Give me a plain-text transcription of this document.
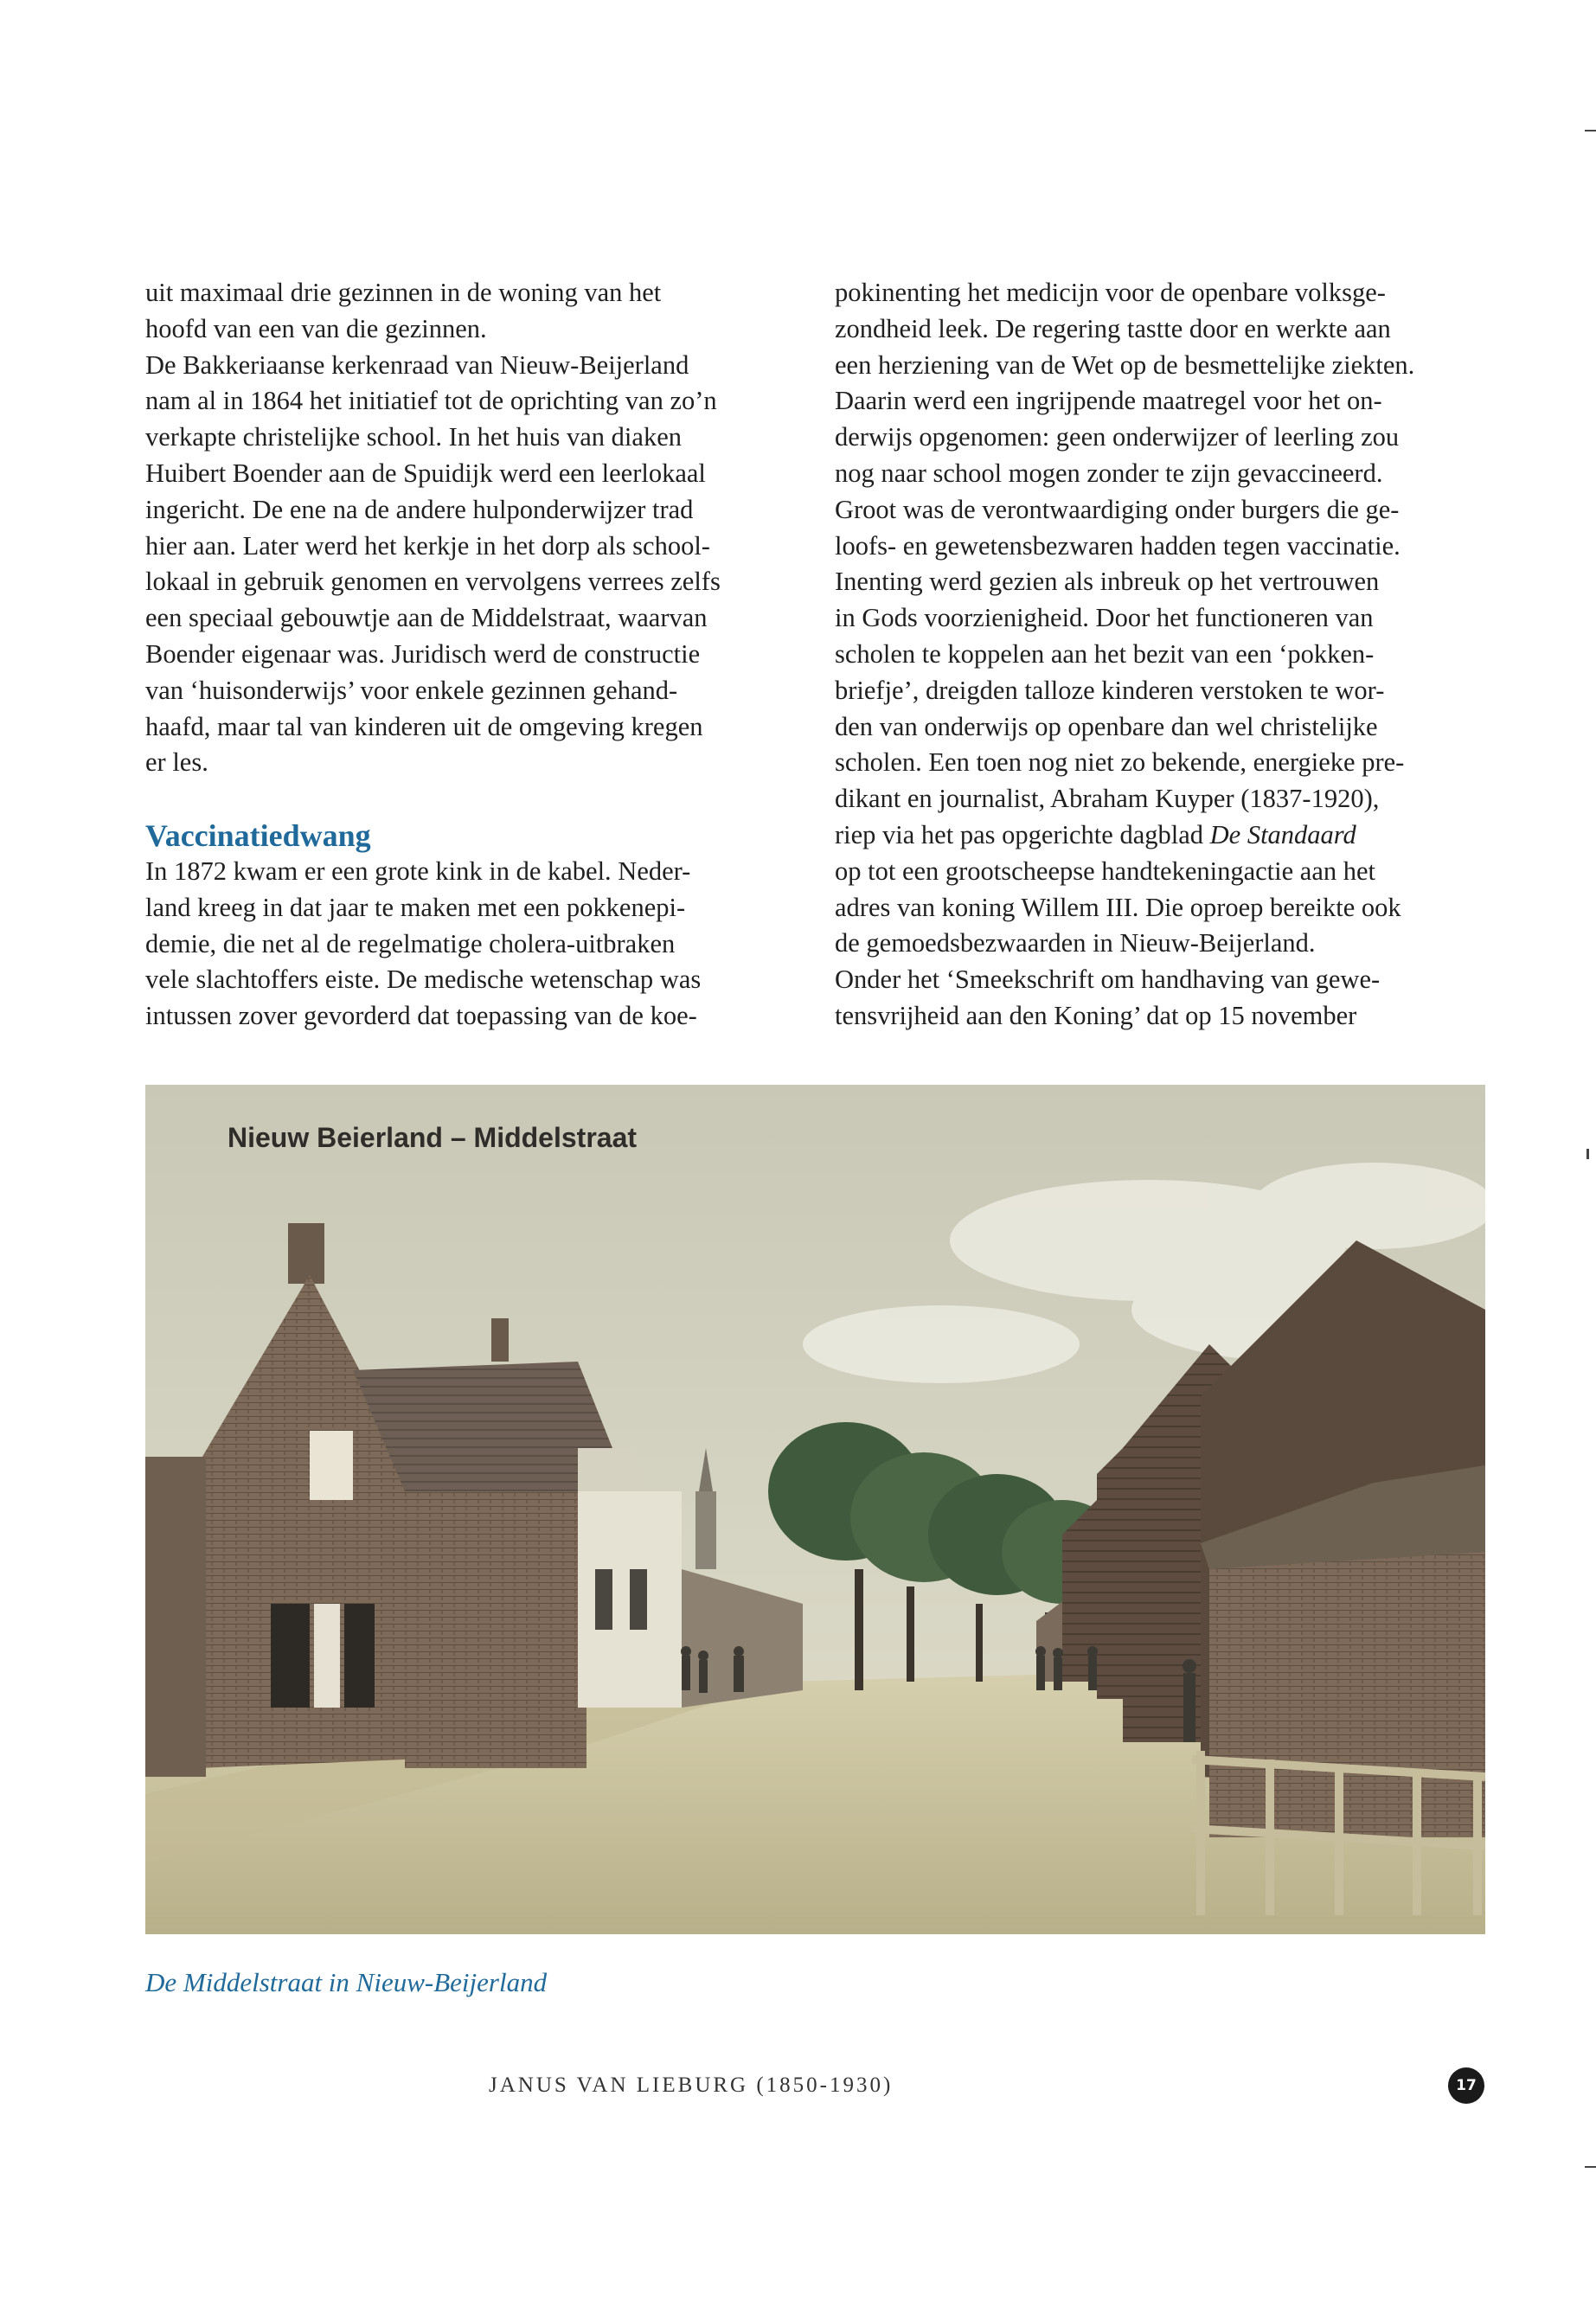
uit maximaal drie gezinnen in de woning van het

hoofd van een van die gezinnen.

De Bakkeriaanse kerkenraad van Nieuw-Beijerland

nam al in 1864 het initiatief tot de oprichting van zo’n

verkapte christelijke school. In het huis van diaken

Huibert Boender aan de Spuidijk werd een leerlokaal

ingericht. De ene na de andere hulponderwijzer trad

hier aan. Later werd het kerkje in het dorp als school-

lokaal in gebruik genomen en vervolgens verrees zelfs

een speciaal gebouwtje aan de Middelstraat, waarvan

Boender eigenaar was. Juridisch werd de constructie

van ‘huisonderwijs’ voor enkele gezinnen gehand-

haafd, maar tal van kinderen uit de omgeving kregen

er les.

Vaccinatiedwang

In 1872 kwam er een grote kink in de kabel. Neder-

land kreeg in dat jaar te maken met een pokkenepi-

demie, die net al de regelmatige cholera-uitbraken

vele slachtoffers eiste. De medische wetenschap was

intussen zover gevorderd dat toepassing van de koe-

pokinenting het medicijn voor de openbare volksge-

zondheid leek. De regering tastte door en werkte aan

een herziening van de Wet op de besmettelijke ziekten.

Daarin werd een ingrijpende maatregel voor het on-

derwijs opgenomen: geen onderwijzer of leerling zou

nog naar school mogen zonder te zijn gevaccineerd.

Groot was de verontwaardiging onder burgers die ge-

loofs- en gewetensbezwaren hadden tegen vaccinatie.

Inenting werd gezien als inbreuk op het vertrouwen

in Gods voorzienigheid. Door het functioneren van

scholen te koppelen aan het bezit van een ‘pokken-

briefje’, dreigden talloze kinderen verstoken te wor-

den van onderwijs op openbare dan wel christelijke

scholen. Een toen nog niet zo bekende, energieke pre-

dikant en journalist, Abraham Kuyper (1837-1920),

riep via het pas opgerichte dagblad De Standaard

op tot een grootscheepse handtekeningactie aan het

adres van koning Willem III. Die oproep bereikte ook

de gemoedsbezwaarden in Nieuw-Beijerland.

Onder het ‘Smeekschrift om handhaving van gewe-

tensvrijheid aan den Koning’ dat op 15 november

Nieuw Beierland – Middelstraat
De Middelstraat in Nieuw-Beijerland
JANUS VAN LIEBURG (1850-1930)	17
